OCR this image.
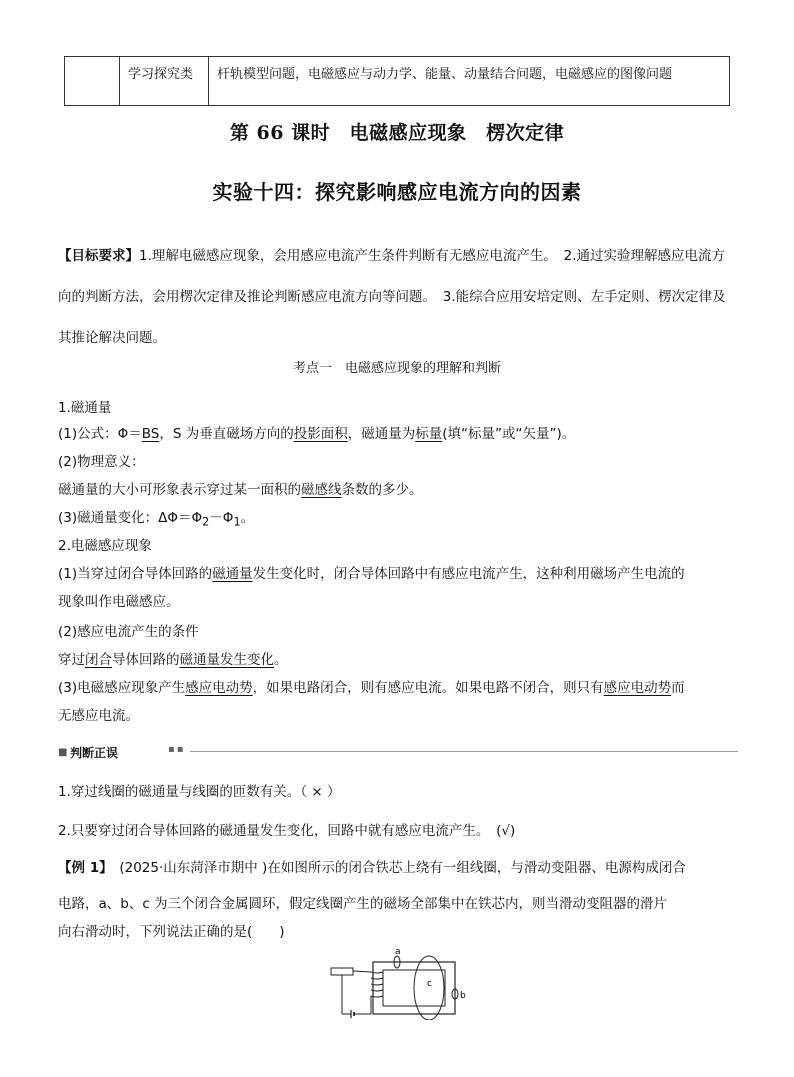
	学习探究类	杆轨模型问题，电磁感应与动力学、能量、动量结合问题，电磁感应的图像问题
第 66 课时　电磁感应现象　楞次定律
实验十四：探究影响感应电流方向的因素
【目标要求】1.理解电磁感应现象，会用感应电流产生条件判断有无感应电流产生。　2.通过实验理解感应电流方向的判断方法，会用楞次定律及推论判断感应电流方向等问题。　3.能综合应用安培定则、左手定则、楞次定律及其推论解决问题。
考点一　电磁感应现象的理解和判断
1.磁通量
(1)公式：Φ＝BS，S 为垂直磁场方向的投影面积，磁通量为标量(填“标量”或“矢量”)。
(2)物理意义：
磁通量的大小可形象表示穿过某一面积的磁感线条数的多少。
(3)磁通量变化：$\Delta\Phi=\Phi_2-\Phi_1$。
2.电磁感应现象
(1)当穿过闭合导体回路的磁通量发生变化时，闭合导体回路中有感应电流产生，这种利用磁场产生电流的
现象叫作电磁感应。
(2)感应电流产生的条件
穿过闭合导体回路的磁通量发生变化。
(3)电磁感应现象产生感应电动势，如果电路闭合，则有感应电流。如果电路不闭合，则只有感应电动势而
无感应电流。
■ 判断正误	▪▪
1.穿过线圈的磁通量与线圈的匝数有关。（ × ）
2.只要穿过闭合导体回路的磁通量发生变化，回路中就有感应电流产生。　(√)
【例 1】　 (2025·山东菏泽市期中 )在如图所示的闭合铁芯上绕有一组线圈，与滑动变阻器、电源构成闭合
电路，a、b、c 为三个闭合金属圆环，假定线圈产生的磁场全部集中在铁芯内，则当滑动变阻器的滑片
向右滑动时，下列说法正确的是(　　)
a
c
b
